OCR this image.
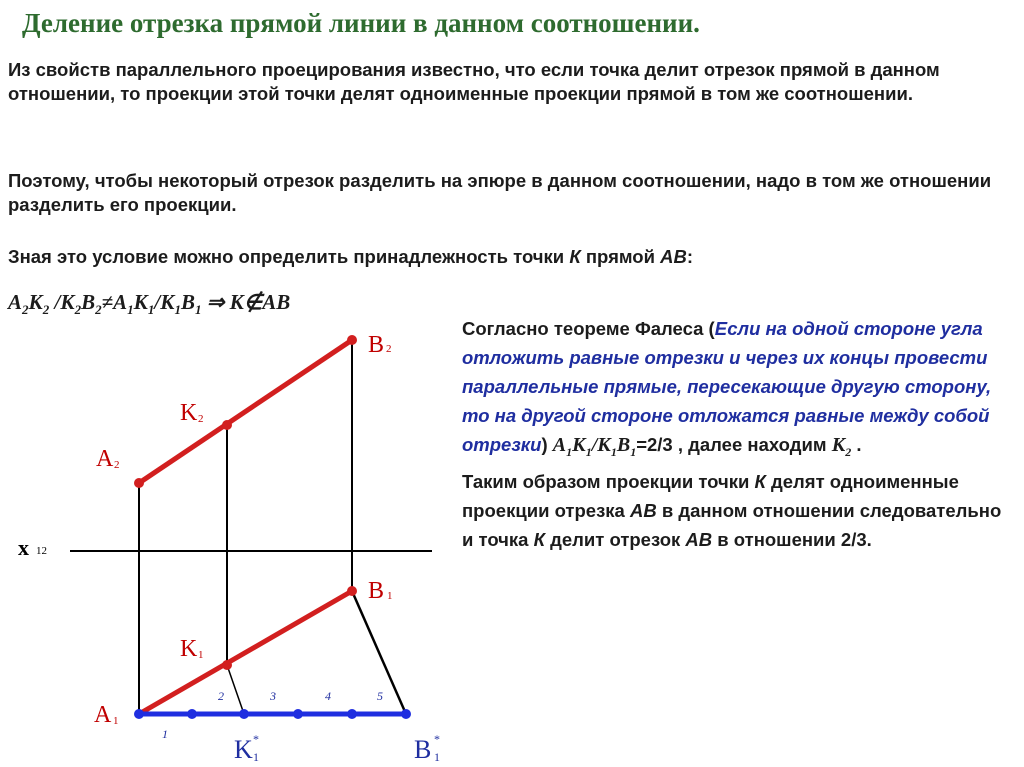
Деление отрезка прямой линии в данном соотношении.

Из свойств параллельного проецирования известно, что если точка делит отрезок прямой в данном отношении, то проекции этой точки делят одноименные проекции прямой в том же соотношении.

Поэтому, чтобы некоторый отрезок разделить на эпюре в данном соотношении, надо в том же отношении разделить его проекции.

Зная это условие можно определить принадлежность точки К прямой АВ:

$А_2К_2$ $/К_2В_2\ne А_1К_1/К_1В_1$ ⇒ К∉АВ

Согласно теореме Фалеса (Если на одной стороне угла отложить равные отрезки и через их концы провести параллельные прямые, пересекающие другую сторону, то на другой стороне отложатся равные между собой отрезки) $А_1К_1/К_1В_1=2/3$ , далее находим $К_2$ .
Таким образом проекции точки К делят одноименные проекции отрезка АВ в данном отношении следовательно и точка К делит отрезок АВ в отношении 2/3.
x 12
1
2	3	4	5
B 2
K 2
A 2
B 1
K 1
A 1
K 1
*	B 1
*
